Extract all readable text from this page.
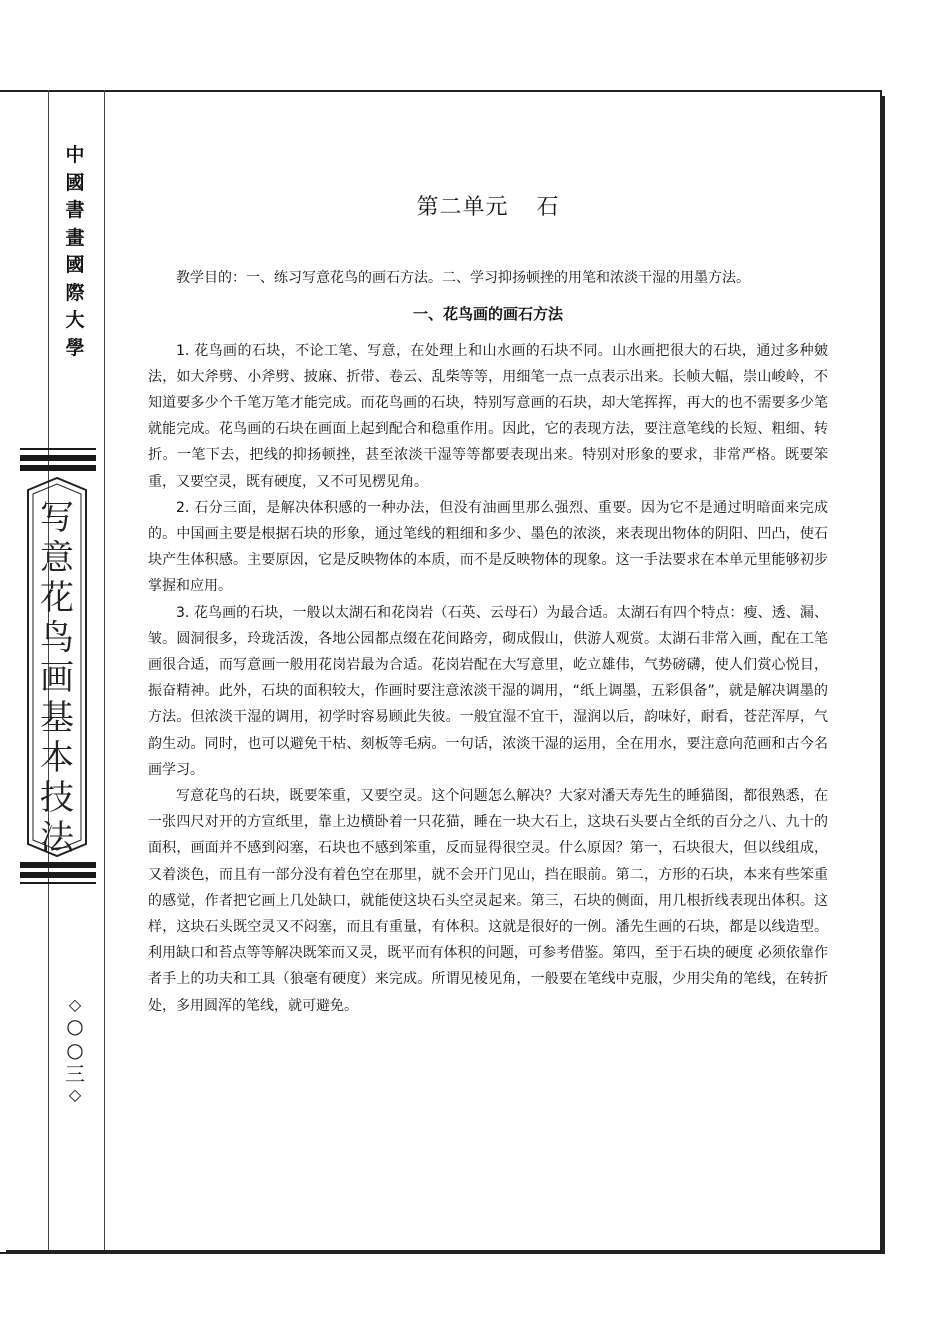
中
國
書
畫
國
際
大
學
写
意
花
鸟
画
基
本
技
法
◇
○
○
三
◇
第二单元 石

教学目的：一、练习写意花鸟的画石方法。二、学习抑扬顿挫的用笔和浓淡干湿的用墨方法。

一、花鸟画的画石方法

1. 花鸟画的石块，不论工笔、写意，在处理上和山水画的石块不同。山水画把很大的石块，通过多种皴法，如大斧劈、小斧劈、披麻、折带、卷云、乱柴等等，用细笔一点一点表示出来。长帧大幅，崇山峻岭，不知道要多少个千笔万笔才能完成。而花鸟画的石块，特别写意画的石块，却大笔挥挥，再大的也不需要多少笔就能完成。花鸟画的石块在画面上起到配合和稳重作用。因此，它的表现方法，要注意笔线的长短、粗细、转折。一笔下去，把线的抑扬顿挫，甚至浓淡干湿等等都要表现出来。特别对形象的要求，非常严格。既要笨重，又要空灵，既有硬度，又不可见楞见角。

2. 石分三面，是解决体积感的一种办法，但没有油画里那么强烈、重要。因为它不是通过明暗面来完成的。中国画主要是根据石块的形象，通过笔线的粗细和多少、墨色的浓淡，来表现出物体的阴阳、凹凸，使石块产生体积感。主要原因，它是反映物体的本质，而不是反映物体的现象。这一手法要求在本单元里能够初步掌握和应用。

3. 花鸟画的石块，一般以太湖石和花岗岩（石英、云母石）为最合适。太湖石有四个特点：瘦、透、漏、皱。圆洞很多，玲珑活泼，各地公园都点缀在花间路旁，砌成假山，供游人观赏。太湖石非常入画，配在工笔画很合适，而写意画一般用花岗岩最为合适。花岗岩配在大写意里，屹立雄伟，气势磅礴，使人们赏心悦目，振奋精神。此外，石块的面积较大，作画时要注意浓淡干湿的调用，“纸上调墨，五彩俱备”，就是解决调墨的方法。但浓淡干湿的调用，初学时容易顾此失彼。一般宜湿不宜干，湿润以后，韵味好，耐看，苍茫浑厚，气韵生动。同时，也可以避免干枯、刻板等毛病。一句话，浓淡干湿的运用，全在用水，要注意向范画和古今名画学习。

写意花鸟的石块，既要笨重，又要空灵。这个问题怎么解决？大家对潘天寿先生的睡猫图，都很熟悉，在一张四尺对开的方宣纸里，靠上边横卧着一只花猫，睡在一块大石上，这块石头要占全纸的百分之八、九十的面积，画面并不感到闷塞，石块也不感到笨重，反而显得很空灵。什么原因？第一，石块很大，但以线组成，又着淡色，而且有一部分没有着色空在那里，就不会开门见山，挡在眼前。第二，方形的石块，本来有些笨重的感觉，作者把它画上几处缺口，就能使这块石头空灵起来。第三，石块的侧面，用几根折线表现出体积。这样，这块石头既空灵又不闷塞，而且有重量，有体积。这就是很好的一例。潘先生画的石块，都是以线造型。利用缺口和苔点等等解决既笨而又灵，既平而有体积的问题，可参考借鉴。第四，至于石块的硬度 必须依靠作者手上的功夫和工具（狼毫有硬度）来完成。所谓见棱见角，一般要在笔线中克服，少用尖角的笔线，在转折处，多用圆浑的笔线，就可避免。
